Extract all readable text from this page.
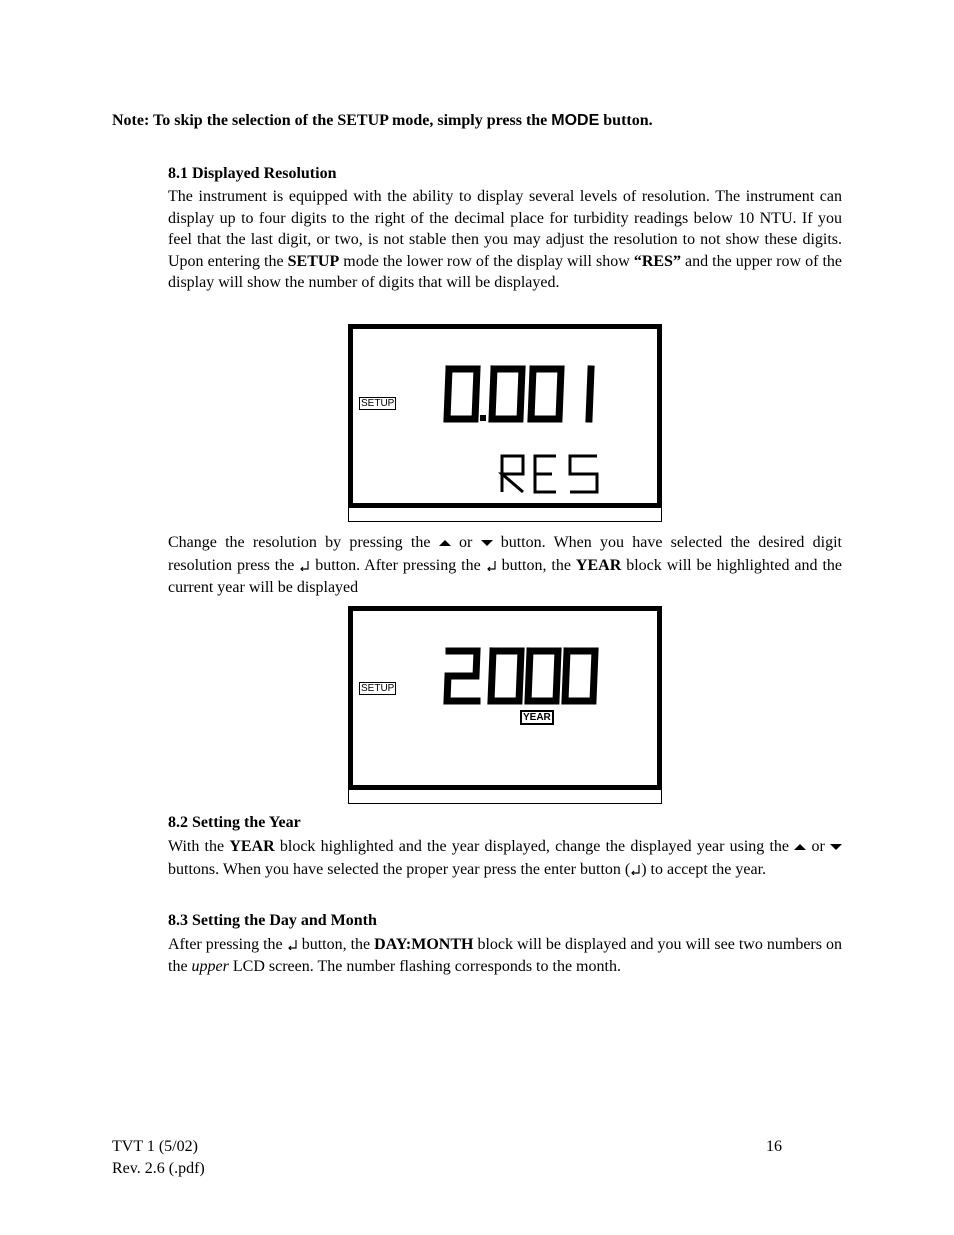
Note: To skip the selection of the SETUP mode, simply press the MODE button.
8.1 Displayed Resolution
The instrument is equipped with the ability to display several levels of resolution. The instrument can display up to four digits to the right of the decimal place for turbidity readings below 10 NTU. If you feel that the last digit, or two, is not stable then you may adjust the resolution to not show these digits. Upon entering the SETUP mode the lower row of the display will show “RES” and the upper row of the display will show the number of digits that will be displayed.
SETUP
Change the resolution by pressing the  or  button. When you have selected the desired digit resolution press the  button. After pressing the  button, the YEAR block will be highlighted and the current year will be displayed
SETUP
YEAR
8.2 Setting the Year
With the YEAR block highlighted and the year displayed, change the displayed year using the  or  buttons. When you have selected the proper year press the enter button ( ) to accept the year.
8.3 Setting the Day and Month
After pressing the  button, the DAY:MONTH block will be displayed and you will see two numbers on the upper LCD screen. The number flashing corresponds to the month.
TVT 1 (5/02)
Rev. 2.6 (.pdf)
16
